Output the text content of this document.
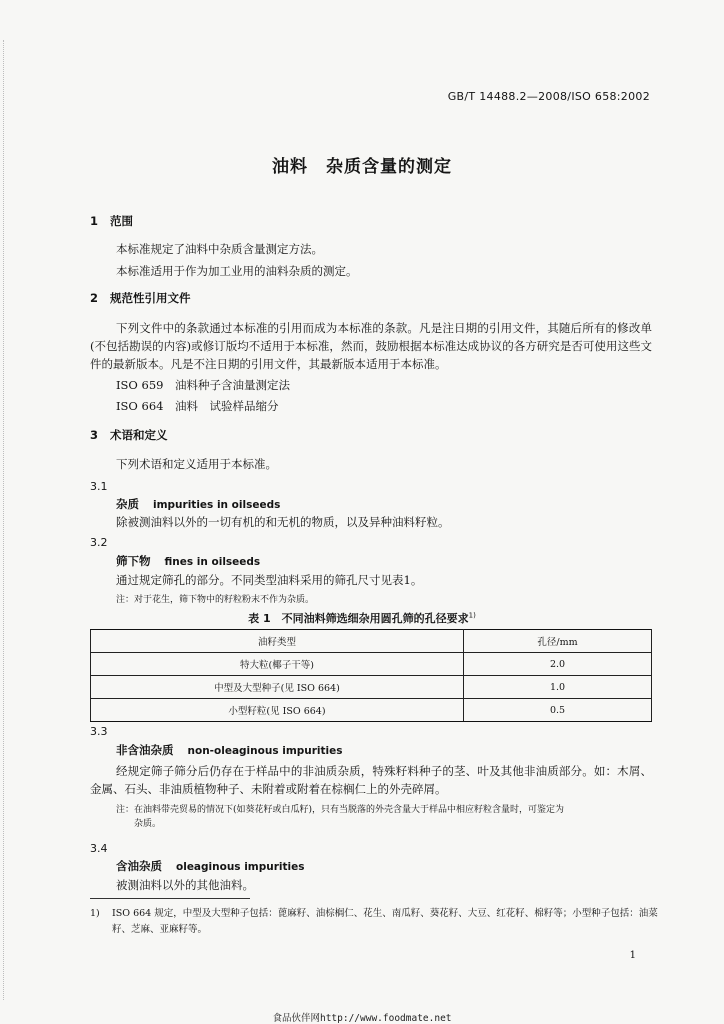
GB/T 14488.2—2008/ISO 658:2002
油料　杂质含量的测定
1 范围
本标准规定了油料中杂质含量测定方法。
本标准适用于作为加工业用的油料杂质的测定。
2 规范性引用文件
下列文件中的条款通过本标准的引用而成为本标准的条款。凡是注日期的引用文件，其随后所有的修改单(不包括勘误的内容)或修订版均不适用于本标准，然而，鼓励根据本标准达成协议的各方研究是否可使用这些文件的最新版本。凡是不注日期的引用文件，其最新版本适用于本标准。
ISO 659　油料种子含油量测定法
ISO 664　油料　试验样品缩分
3 术语和定义
下列术语和定义适用于本标准。
3.1
杂质 impurities in oilseeds
除被测油料以外的一切有机的和无机的物质，以及异种油料籽粒。
3.2
筛下物 fines in oilseeds
通过规定筛孔的部分。不同类型油料采用的筛孔尺寸见表1。
注：对于花生，筛下物中的籽粒粉末不作为杂质。
表 1　不同油料筛选细杂用圆孔筛的孔径要求$^{1)}$
油籽类型	孔径/mm
特大粒(椰子干等)	2.0
中型及大型种子(见 ISO 664)	1.0
小型籽粒(见 ISO 664)	0.5
3.3
非含油杂质 non-oleaginous impurities
经规定筛子筛分后仍存在于样品中的非油质杂质，特殊籽料种子的茎、叶及其他非油质部分。如：木屑、金属、石头、非油质植物种子、未附着或附着在棕榈仁上的外壳碎屑。
注：在油料带壳贸易的情况下(如葵花籽或白瓜籽)，只有当脱落的外壳含量大于样品中相应籽粒含量时，可鉴定为
杂质。
3.4
含油杂质 oleaginous impurities
被测油料以外的其他油料。
1) ISO 664 规定，中型及大型种子包括：蓖麻籽、油棕榈仁、花生、南瓜籽、葵花籽、大豆、红花籽、棉籽等；小型种子包括：油菜籽、芝麻、亚麻籽等。
1
食品伙伴网http://www.foodmate.net
